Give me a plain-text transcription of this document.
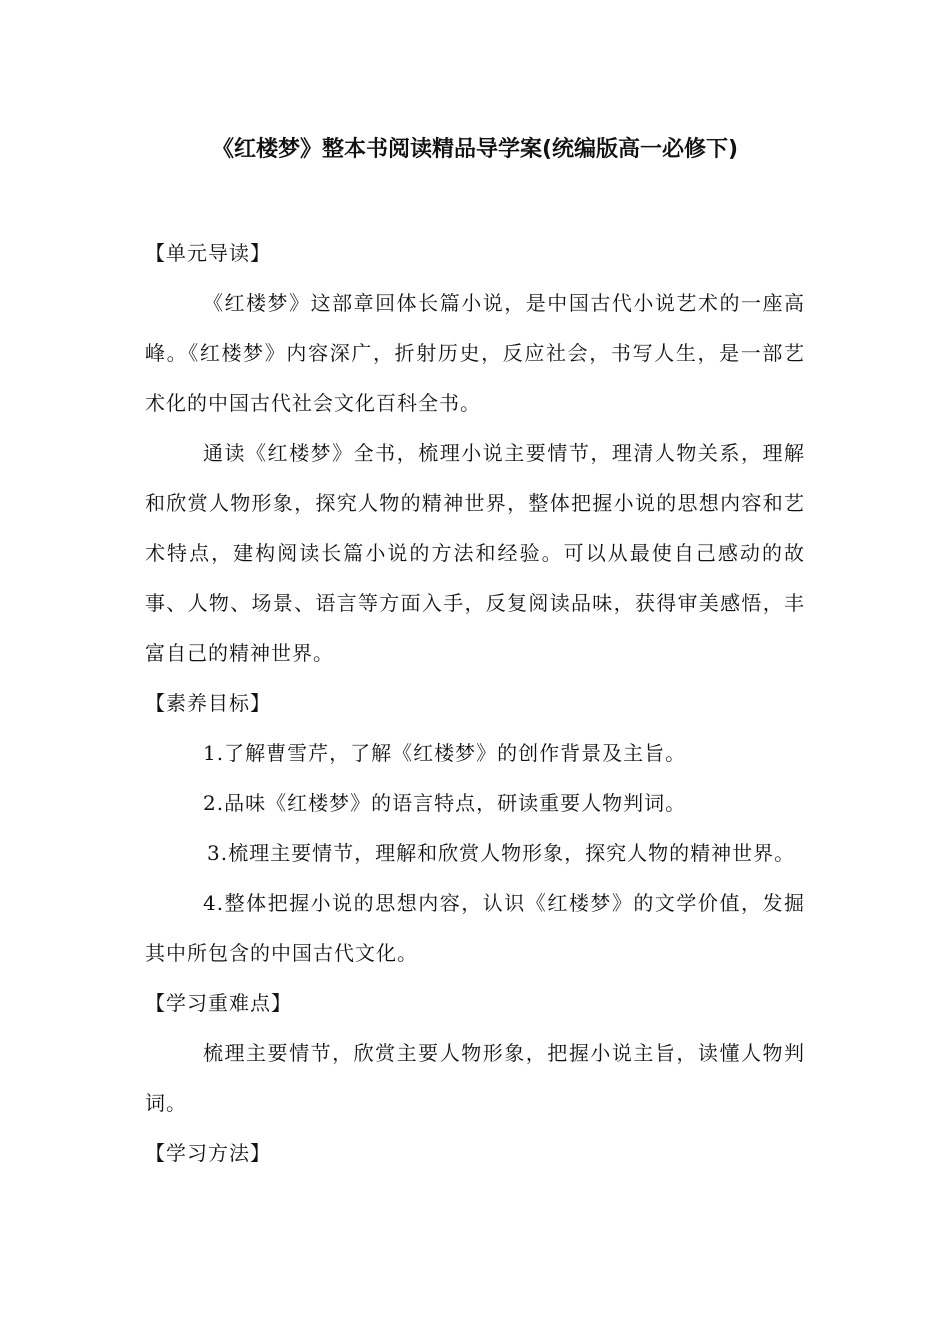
《红楼梦》整本书阅读精品导学案(统编版高一必修下)

【单元导读】

《红楼梦》这部章回体长篇小说，是中国古代小说艺术的一座高峰。《红楼梦》内容深广，折射历史，反应社会，书写人生，是一部艺术化的中国古代社会文化百科全书。

通读《红楼梦》全书，梳理小说主要情节，理清人物关系，理解和欣赏人物形象，探究人物的精神世界，整体把握小说的思想内容和艺术特点，建构阅读长篇小说的方法和经验。可以从最使自己感动的故事、人物、场景、语言等方面入手，反复阅读品味，获得审美感悟，丰富自己的精神世界。

【素养目标】

1.了解曹雪芹，了解《红楼梦》的创作背景及主旨。

2.品味《红楼梦》的语言特点，研读重要人物判词。

3.梳理主要情节，理解和欣赏人物形象，探究人物的精神世界。

4.整体把握小说的思想内容，认识《红楼梦》的文学价值，发掘其中所包含的中国古代文化。

【学习重难点】

梳理主要情节，欣赏主要人物形象，把握小说主旨，读懂人物判词。

【学习方法】
